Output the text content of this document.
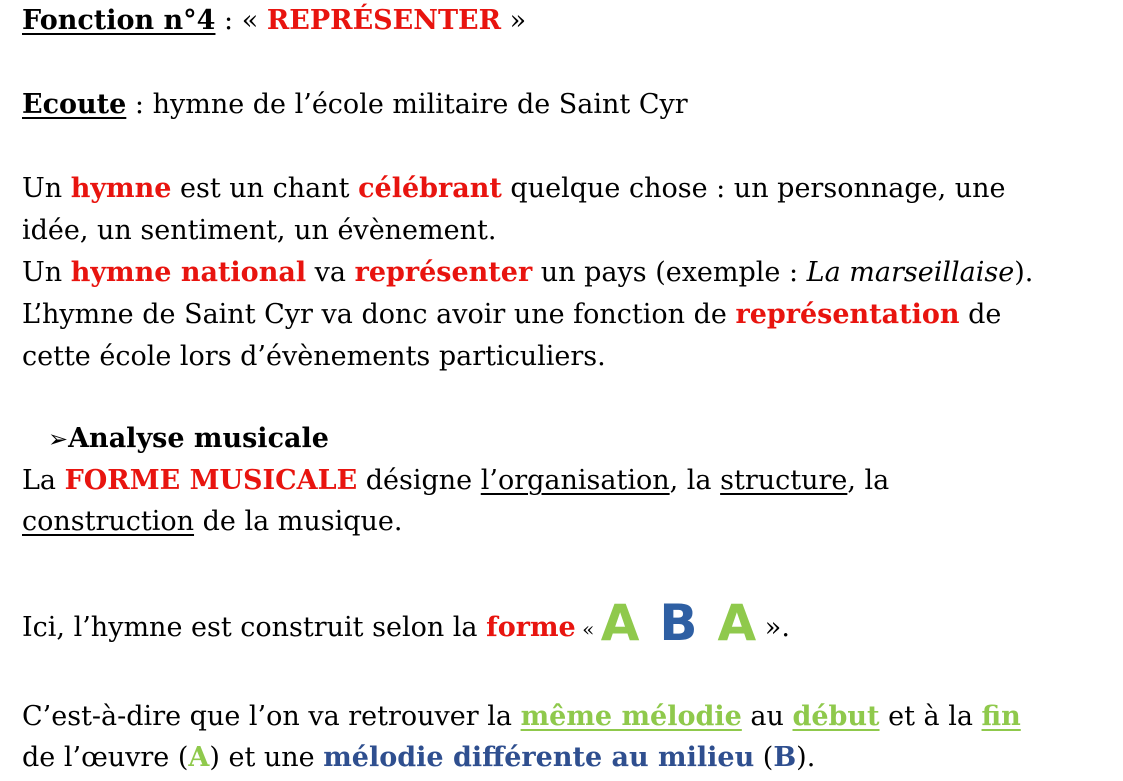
Fonction n°4 : « REPRÉSENTER »
Ecoute : hymne de l’école militaire de Saint Cyr
Un hymne est un chant célébrant quelque chose : un personnage, une
idée, un sentiment, un évènement.
Un hymne national va représenter un pays (exemple : La marseillaise).
L’hymne de Saint Cyr va donc avoir une fonction de représentation de
cette école lors d’évènements particuliers.
➢Analyse musicale
La FORME MUSICALE désigne l’organisation, la structure, la
construction de la musique.
Ici, l’hymne est construit selon la forme « A B A ».
C’est-à-dire que l’on va retrouver la même mélodie au début et à la fin
de l’œuvre (A) et une mélodie différente au milieu (B).
